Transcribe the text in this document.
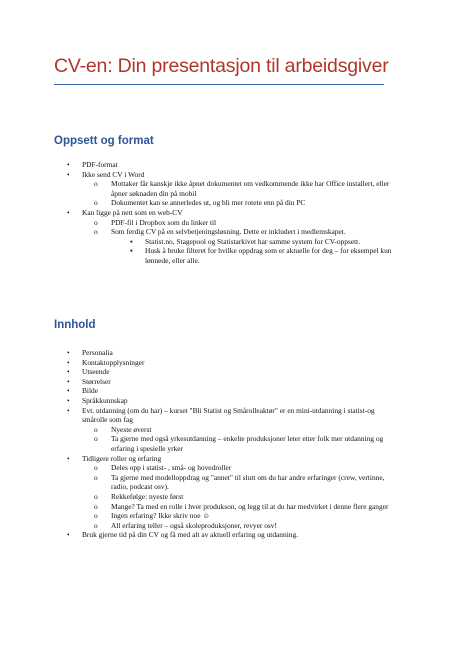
CV-en: Din presentasjon til arbeidsgiver
Oppsett og format
• PDF-format
• Ikke send CV i Word
o Mottaker får kanskje ikke åpnet dokumentet om vedkommende ikke har Office installert, eller åpner søknaden din på mobil
o Dokumentet kan se annerledes ut, og bli mer rotete enn på din PC
• Kan ligge på nett som en web-CV
o PDF-fil i Dropbox som du linker til
o Som ferdig CV på en selvbetjeningsløsning. Dette er inkludert i medlemskapet.
▪ Statist.no, Stagepool og Statistarkivet har samme system for CV-oppsett.
▪ Husk å bruke filteret for hvilke oppdrag som er aktuelle for deg – for eksempel kun lønnede, eller alle.
Innhold
• Personalia
• Kontaktopplysninger
• Utseende
• Størrelser
• Bilde
• Språkkunnskap
• Evt. utdanning (om du har) – kurset "Bli Statist og Smårolleaktør" er en mini-utdanning i statist-og smårolle som fag
o Nyeste øverst
o Ta gjerne med også yrkesutdanning – enkelte produksjoner leter etter folk mer utdanning og erfaring i spesielle yrker
• Tidligere roller og erfaring
o Deles opp i statist- , små- og hovedroller
o Ta gjerne med modelloppdrag og "annet" til slutt om du har andre erfaringer (crew, vertinne, radio, podcast osv).
o Rekkefølge: nyeste først
o Mange? Ta med en rolle i hver produkson, og legg til at du har medvirket i denne flere ganger
o Ingen erfaring? Ikke skriv noe ☺
o All erfaring teller – også skoleproduksjoner, revyer osv!
• Bruk gjerne tid på din CV og få med alt av aktuell erfaring og utdanning.
